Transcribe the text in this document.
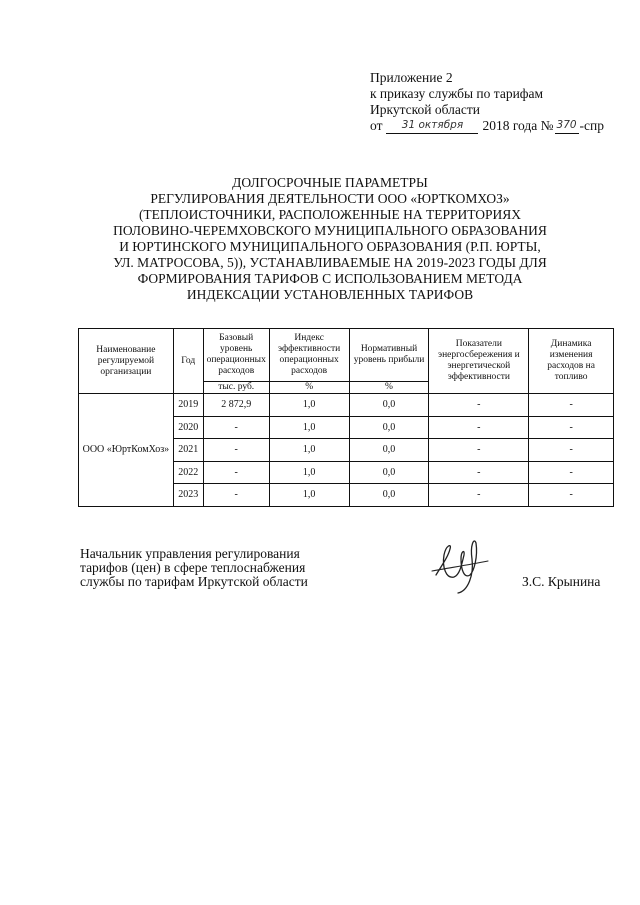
Приложение 2
к приказу службы по тарифам
Иркутской области
от	31 октября	2018 года № 370 -спр
ДОЛГОСРОЧНЫЕ ПАРАМЕТРЫ
РЕГУЛИРОВАНИЯ ДЕЯТЕЛЬНОСТИ ООО «ЮРТКОМХОЗ»
(ТЕПЛОИСТОЧНИКИ, РАСПОЛОЖЕННЫЕ НА ТЕРРИТОРИЯХ
ПОЛОВИНО-ЧЕРЕМХОВСКОГО МУНИЦИПАЛЬНОГО ОБРАЗОВАНИЯ
И ЮРТИНСКОГО МУНИЦИПАЛЬНОГО ОБРАЗОВАНИЯ (Р.П. ЮРТЫ,
УЛ. МАТРОСОВА, 5)), УСТАНАВЛИВАЕМЫЕ НА 2019-2023 ГОДЫ ДЛЯ
ФОРМИРОВАНИЯ ТАРИФОВ С ИСПОЛЬЗОВАНИЕМ МЕТОДА
ИНДЕКСАЦИИ УСТАНОВЛЕННЫХ ТАРИФОВ
Наименование регулируемой организации	Год	Базовый уровень операционных расходов	Индекс эффективности операционных расходов	Нормативный уровень прибыли	Показатели энергосбережения и энергетической эффективности	Динамика изменения расходов на топливо
		тыс. руб.	%	%		
ООО «ЮртКомХоз»	2019	2 872,9	1,0	0,0	-	-
	2020	-	1,0	0,0	-	-
	2021	-	1,0	0,0	-	-
	2022	-	1,0	0,0	-	-
	2023	-	1,0	0,0	-	-
Начальник управления регулирования
тарифов (цен) в сфере теплоснабжения
службы по тарифам Иркутской области	З.С. Крынина
